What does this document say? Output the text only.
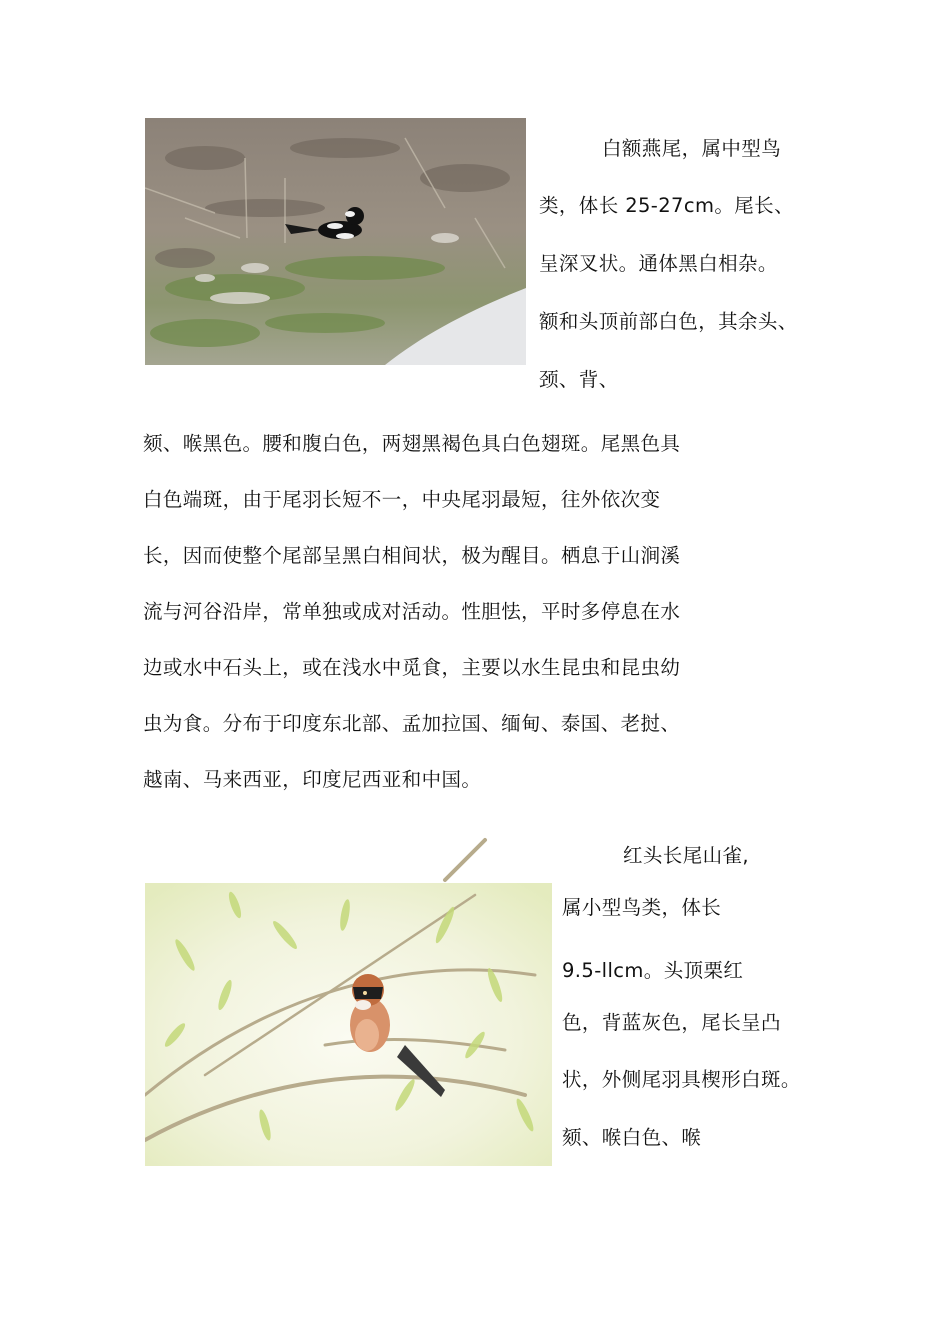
白额燕尾，属中型鸟
类，体长 25-27cm。尾长、
呈深叉状。通体黑白相杂。
额和头顶前部白色，其余头、
颈、背、
颏、喉黑色。腰和腹白色，两翅黑褐色具白色翅斑。尾黑色具
白色端斑，由于尾羽长短不一，中央尾羽最短，往外依次变
长，因而使整个尾部呈黑白相间状，极为醒目。栖息于山涧溪
流与河谷沿岸，常单独或成对活动。性胆怯，平时多停息在水
边或水中石头上，或在浅水中觅食，主要以水生昆虫和昆虫幼
虫为食。分布于印度东北部、孟加拉国、缅甸、泰国、老挝、
越南、马来西亚，印度尼西亚和中国。
红头长尾山雀,
属小型鸟类，体长
9.5-llcm。头顶栗红
色，背蓝灰色，尾长呈凸
状，外侧尾羽具楔形白斑。
颏、喉白色、喉
